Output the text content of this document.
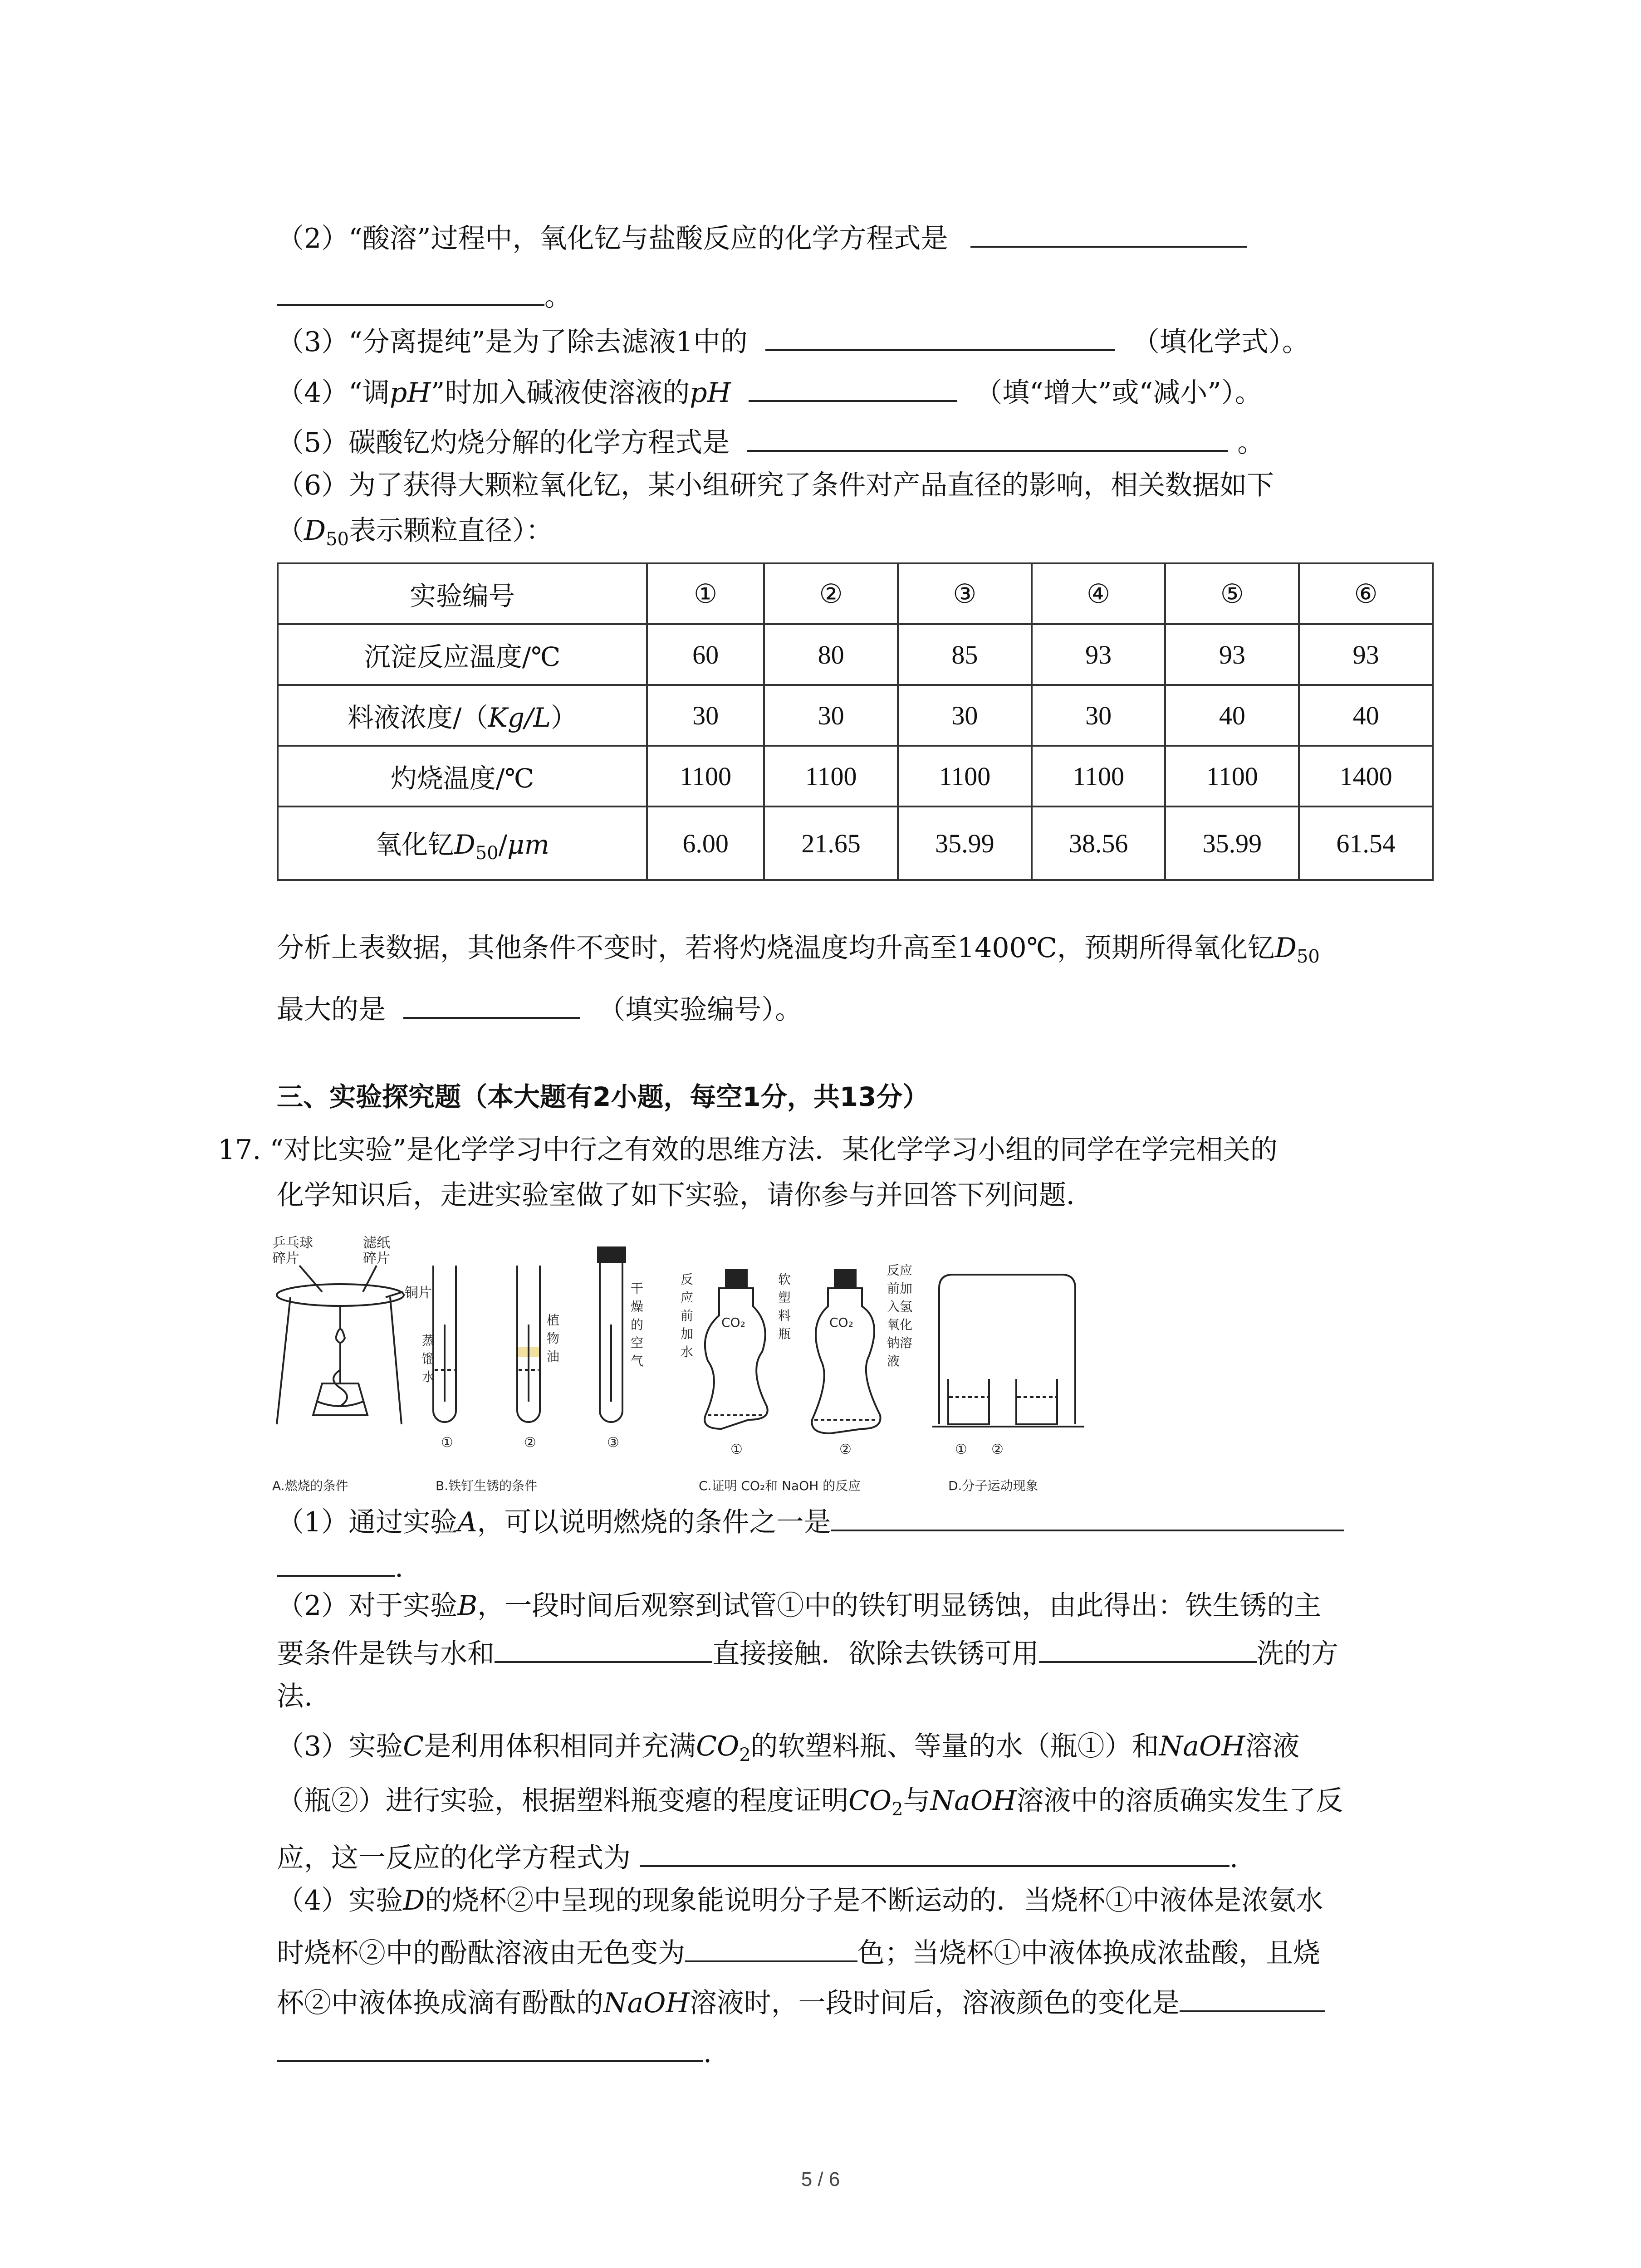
（2）“酸溶”过程中，氧化钇与盐酸反应的化学方程式是
。
（3）“分离提纯”是为了除去滤液1中的	（填化学式）。
（4）“调pH”时加入碱液使溶液的pH	（填“增大”或“减小”）。
（5）碳酸钇灼烧分解的化学方程式是	。
（6）为了获得大颗粒氧化钇，某小组研究了条件对产品直径的影响，相关数据如下
（$D_{50}$表示颗粒直径）：
实验编号	①	②	③	④	⑤	⑥
沉淀反应温度/℃	60	80	85	93	93	93
料液浓度/（Kg/L）	30	30	30	30	40	40
灼烧温度/℃	1100	1100	1100	1100	1100	1400
氧化钇$D_{50}/\mu m$	6.00	21.65	35.99	38.56	35.99	61.54
分析上表数据，其他条件不变时，若将灼烧温度均升高至1400℃，预期所得氧化钇$D_{50}$
最大的是	（填实验编号）。
三、实验探究题（本大题有2小题，每空1分，共13分）
17. “对比实验”是化学学习中行之有效的思维方法．某化学学习小组的同学在学完相关的
化学知识后，走进实验室做了如下实验，请你参与并回答下列问题．
乒乓球
碎片
滤纸
碎片
铜片
A.燃烧的条件
蒸
馏
水
①
植
物
油
②
干
燥
的
空
气
③
B.铁钉生锈的条件
反
应
前
加
水
CO₂
①
软
塑
料
瓶
CO₂
②
反应
前加
入氢
氧化
钠溶
液
C.证明 CO₂和 NaOH 的反应
① ②
D.分子运动现象
（1）通过实验A，可以说明燃烧的条件之一是
.
（2）对于实验B，一段时间后观察到试管①中的铁钉明显锈蚀，由此得出：铁生锈的主
要条件是铁与水和	直接接触．欲除去铁锈可用	洗的方
法.
（3）实验C是利用体积相同并充满$CO_2$的软塑料瓶、等量的水（瓶①）和NaOH溶液
（瓶②）进行实验，根据塑料瓶变瘪的程度证明$CO_2$与NaOH溶液中的溶质确实发生了反
应，这一反应的化学方程式为	.
（4）实验D的烧杯②中呈现的现象能说明分子是不断运动的．当烧杯①中液体是浓氨水
时烧杯②中的酚酞溶液由无色变为	色；当烧杯①中液体换成浓盐酸，且烧
杯②中液体换成滴有酚酞的NaOH溶液时，一段时间后，溶液颜色的变化是
.
5 / 6
